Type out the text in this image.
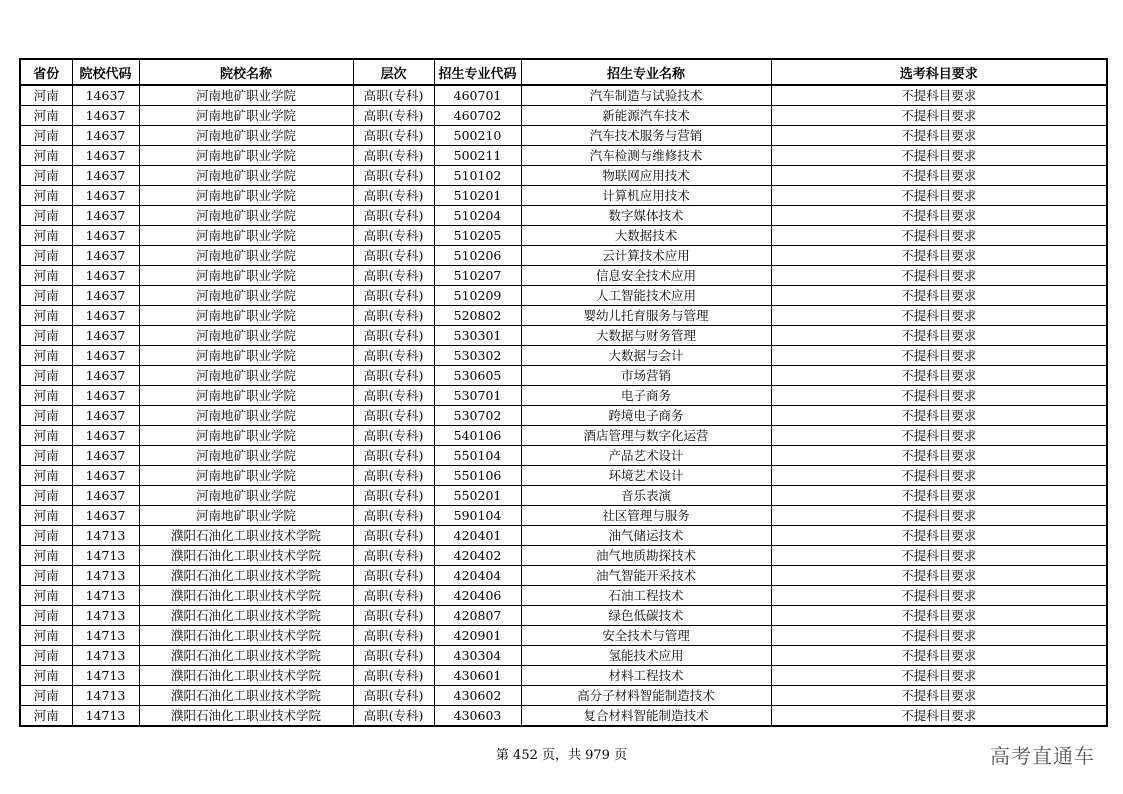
省份	院校代码	院校名称	层次	招生专业代码	招生专业名称	选考科目要求
河南	14637	河南地矿职业学院	高职(专科)	460701	汽车制造与试验技术	不提科目要求
河南	14637	河南地矿职业学院	高职(专科)	460702	新能源汽车技术	不提科目要求
河南	14637	河南地矿职业学院	高职(专科)	500210	汽车技术服务与营销	不提科目要求
河南	14637	河南地矿职业学院	高职(专科)	500211	汽车检测与维修技术	不提科目要求
河南	14637	河南地矿职业学院	高职(专科)	510102	物联网应用技术	不提科目要求
河南	14637	河南地矿职业学院	高职(专科)	510201	计算机应用技术	不提科目要求
河南	14637	河南地矿职业学院	高职(专科)	510204	数字媒体技术	不提科目要求
河南	14637	河南地矿职业学院	高职(专科)	510205	大数据技术	不提科目要求
河南	14637	河南地矿职业学院	高职(专科)	510206	云计算技术应用	不提科目要求
河南	14637	河南地矿职业学院	高职(专科)	510207	信息安全技术应用	不提科目要求
河南	14637	河南地矿职业学院	高职(专科)	510209	人工智能技术应用	不提科目要求
河南	14637	河南地矿职业学院	高职(专科)	520802	婴幼儿托育服务与管理	不提科目要求
河南	14637	河南地矿职业学院	高职(专科)	530301	大数据与财务管理	不提科目要求
河南	14637	河南地矿职业学院	高职(专科)	530302	大数据与会计	不提科目要求
河南	14637	河南地矿职业学院	高职(专科)	530605	市场营销	不提科目要求
河南	14637	河南地矿职业学院	高职(专科)	530701	电子商务	不提科目要求
河南	14637	河南地矿职业学院	高职(专科)	530702	跨境电子商务	不提科目要求
河南	14637	河南地矿职业学院	高职(专科)	540106	酒店管理与数字化运营	不提科目要求
河南	14637	河南地矿职业学院	高职(专科)	550104	产品艺术设计	不提科目要求
河南	14637	河南地矿职业学院	高职(专科)	550106	环境艺术设计	不提科目要求
河南	14637	河南地矿职业学院	高职(专科)	550201	音乐表演	不提科目要求
河南	14637	河南地矿职业学院	高职(专科)	590104	社区管理与服务	不提科目要求
河南	14713	濮阳石油化工职业技术学院	高职(专科)	420401	油气储运技术	不提科目要求
河南	14713	濮阳石油化工职业技术学院	高职(专科)	420402	油气地质勘探技术	不提科目要求
河南	14713	濮阳石油化工职业技术学院	高职(专科)	420404	油气智能开采技术	不提科目要求
河南	14713	濮阳石油化工职业技术学院	高职(专科)	420406	石油工程技术	不提科目要求
河南	14713	濮阳石油化工职业技术学院	高职(专科)	420807	绿色低碳技术	不提科目要求
河南	14713	濮阳石油化工职业技术学院	高职(专科)	420901	安全技术与管理	不提科目要求
河南	14713	濮阳石油化工职业技术学院	高职(专科)	430304	氢能技术应用	不提科目要求
河南	14713	濮阳石油化工职业技术学院	高职(专科)	430601	材料工程技术	不提科目要求
河南	14713	濮阳石油化工职业技术学院	高职(专科)	430602	高分子材料智能制造技术	不提科目要求
河南	14713	濮阳石油化工职业技术学院	高职(专科)	430603	复合材料智能制造技术	不提科目要求
第 452 页，共 979 页	高考直通车
